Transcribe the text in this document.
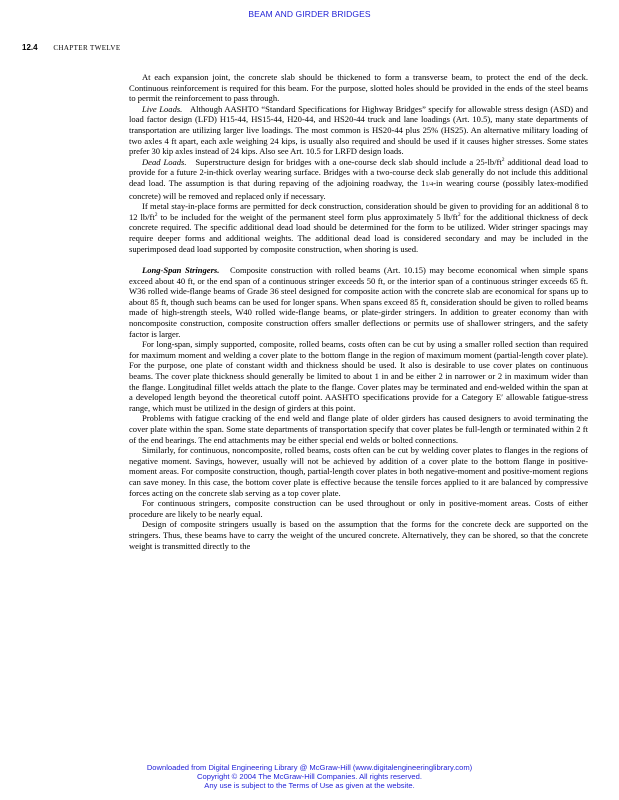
BEAM AND GIRDER BRIDGES
12.4 CHAPTER TWELVE

At each expansion joint, the concrete slab should be thickened to form a transverse beam, to protect the end of the deck. Continuous reinforcement is required for this beam. For the purpose, slotted holes should be provided in the ends of the steel beams to permit the reinforcement to pass through.

Live Loads. Although AASHTO “Standard Specifications for Highway Bridges” specify for allowable stress design (ASD) and load factor design (LFD) H15-44, HS15-44, H20-44, and HS20-44 truck and lane loadings (Art. 10.5), many state departments of transportation are utilizing larger live loadings. The most common is HS20-44 plus 25% (HS25). An alternative military loading of two axles 4 ft apart, each axle weighing 24 kips, is usually also required and should be used if it causes higher stresses. Some states prefer 30 kip axles instead of 24 kips. Also see Art. 10.5 for LRFD design loads.

Dead Loads. Superstructure design for bridges with a one-course deck slab should include a $25-lb/ft^2$ additional dead load to provide for a future 2-in-thick overlay wearing surface. Bridges with a two-course deck slab generally do not include this additional dead load. The assumption is that during repaving of the adjoining roadway, the 11/4-in wearing course (possibly latex-modified concrete) will be removed and replaced only if necessary.

If metal stay-in-place forms are permitted for deck construction, consideration should be given to providing for an additional 8 to 12 $lb/ft^2$ to be included for the weight of the permanent steel form plus approximately 5 $lb/ft^2$ for the additional thickness of deck concrete required. The specific additional dead load should be determined for the form to be utilized. Wider stringer spacings may require deeper forms and additional weights. The additional dead load is considered secondary and may be included in the superimposed dead load supported by composite construction, when shoring is used.

Long-Span Stringers. Composite construction with rolled beams (Art. 10.15) may become economical when simple spans exceed about 40 ft, or the end span of a continuous stringer exceeds 50 ft, or the interior span of a continuous stringer exceeds 65 ft. W36 rolled wide-flange beams of Grade 36 steel designed for composite action with the concrete slab are economical for spans up to about 85 ft, though such beams can be used for longer spans. When spans exceed 85 ft, consideration should be given to rolled beams made of high-strength steels, W40 rolled wide-flange beams, or plate-girder stringers. In addition to greater economy than with noncomposite construction, composite construction offers smaller deflections or permits use of shallower stringers, and the safety factor is larger.

For long-span, simply supported, composite, rolled beams, costs often can be cut by using a smaller rolled section than required for maximum moment and welding a cover plate to the bottom flange in the region of maximum moment (partial-length cover plate). For the purpose, one plate of constant width and thickness should be used. It also is desirable to use cover plates on continuous beams. The cover plate thickness should generally be limited to about 1 in and be either 2 in narrower or 2 in maximum wider than the flange. Longitudinal fillet welds attach the plate to the flange. Cover plates may be terminated and end-welded within the span at a developed length beyond the theoretical cutoff point. AASHTO specifications provide for a Category E′ allowable fatigue-stress range, which must be utilized in the design of girders at this point.

Problems with fatigue cracking of the end weld and flange plate of older girders has caused designers to avoid terminating the cover plate within the span. Some state departments of transportation specify that cover plates be full-length or terminated within 2 ft of the end bearings. The end attachments may be either special end welds or bolted connections.

Similarly, for continuous, noncomposite, rolled beams, costs often can be cut by welding cover plates to flanges in the regions of negative moment. Savings, however, usually will not be achieved by addition of a cover plate to the bottom flange in positive-moment areas. For composite construction, though, partial-length cover plates in both negative-moment and positive-moment regions can save money. In this case, the bottom cover plate is effective because the tensile forces applied to it are balanced by compressive forces acting on the concrete slab serving as a top cover plate.

For continuous stringers, composite construction can be used throughout or only in positive-moment areas. Costs of either procedure are likely to be nearly equal.

Design of composite stringers usually is based on the assumption that the forms for the concrete deck are supported on the stringers. Thus, these beams have to carry the weight of the uncured concrete. Alternatively, they can be shored, so that the concrete weight is transmitted directly to the

Downloaded from Digital Engineering Library @ McGraw-Hill (www.digitalengineeringlibrary.com)
Copyright © 2004 The McGraw-Hill Companies. All rights reserved.
Any use is subject to the Terms of Use as given at the website.
